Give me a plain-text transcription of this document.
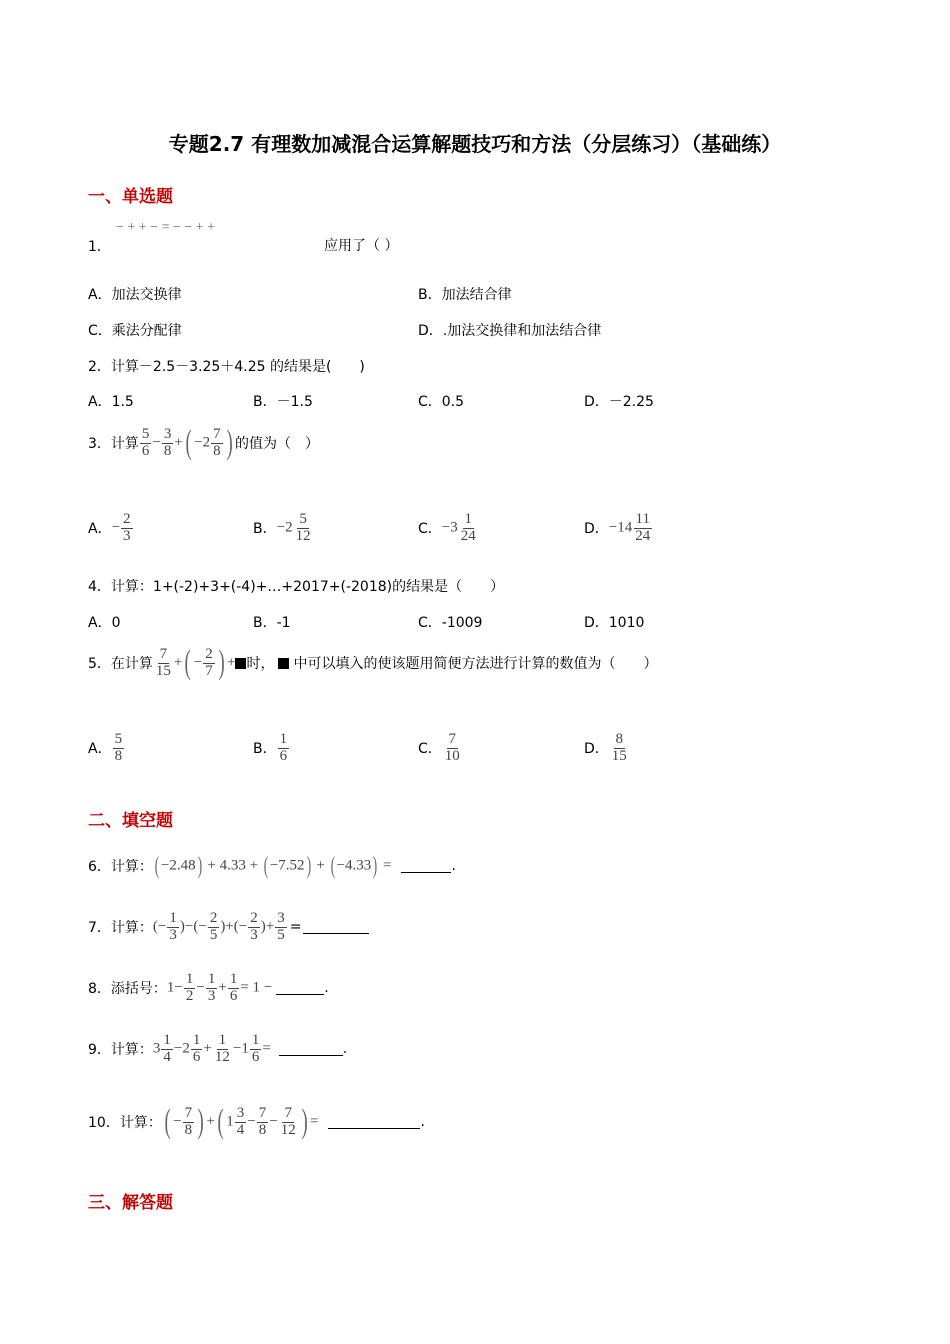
专题2.7 有理数加减混合运算解题技巧和方法（分层练习）（基础练）
一、单选题
− + + − = − − + +
1．	应用了（ ）
A．加法交换律	B．加法结合律
C．乘法分配律	D．.加法交换律和加法结合律
2．计算－2.5－3.25＋4.25 的结果是(　　)
A．1.5	B．－1.5	C．0.5	D．－2.25
3．计算 $\frac{5}{6} - \frac{3}{8}$ +( $-2 \frac{7}{8}$ ) 的值为（　）
A． − $\frac{2}{3}$	B． $-2 \frac{5}{12}$	C． $-3 \frac{1}{24}$	D． $-14 \frac{11}{24}$
4．计算：1+(-2)+3+(-4)+…+2017+(-2018)的结果是（　　）
A．0	B．-1	C．-1009	D．1010
5．在计算 $\frac{7}{15}$ +( − $\frac{2}{7}$ ) + 时， 中可以填入的使该题用简便方法进行计算的数值为（　　）
A． $\frac{5}{8}$	B． $\frac{1}{6}$	C． $\frac{7}{10}$	D． $\frac{8}{15}$
二、填空题
6．计算： ( −2.48) + 4.33 + ( −7.52) + ( −4.33) =	.
7．计算： (− $\frac{1}{3}$ )−(− $\frac{2}{5}$ )+(− $\frac{2}{3}$ )+ $\frac{3}{5}$ =
8．添括号： $1- \frac{1}{2} - \frac{1}{3} + \frac{1}{6} = 1$ −	.
9．计算： $3 \frac{1}{4} -2 \frac{1}{6} + \frac{1}{12} -1 \frac{1}{6}$ =	.
10．计算： ( − $\frac{7}{8}$ ) +( $1 \frac{3}{4} - \frac{7}{8} - \frac{7}{12}$ ) =	.
三、解答题
